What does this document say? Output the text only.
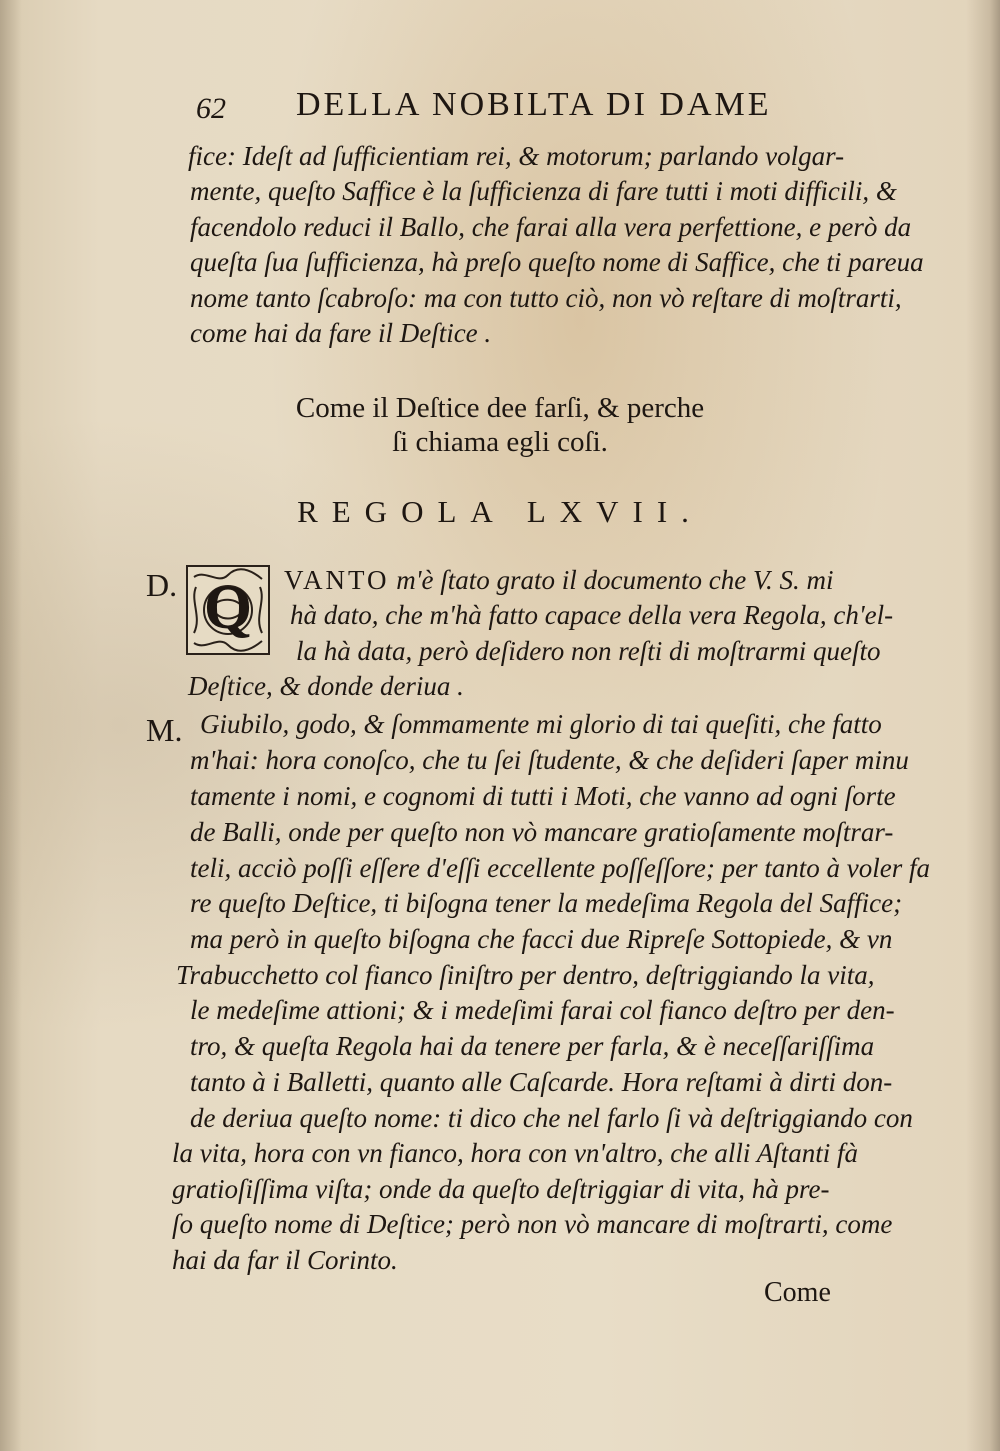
62 DELLA NOBILTA DI DAME
fice: Ideſt ad ſufficientiam rei, & motorum; parlando volgar-
mente, queſto Saffice è la ſufficienza di fare tutti i moti difficili, &
facendolo reduci il Ballo, che farai alla vera perfettione, e però da
queſta ſua ſufficienza, hà preſo queſto nome di Saffice, che ti pareua
nome tanto ſcabroſo: ma con tutto ciò, non vò reſtare di moſtrarti,
come hai da fare il Deſtice .
Come il Deſtice dee farſi, & perche
ſi chiama egli coſi.
REGOLA LXVII.
D. Q	VANTO m'è ſtato grato il documento che V. S. mi
hà dato, che m'hà fatto capace della vera Regola, ch'el-
la hà data, però deſidero non reſti di moſtrarmi queſto
Deſtice, & donde deriua .
M. Giubilo, godo, & ſommamente mi glorio di tai queſiti, che fatto
m'hai: hora conoſco, che tu ſei ſtudente, & che deſideri ſaper minu
tamente i nomi, e cognomi di tutti i Moti, che vanno ad ogni ſorte
de Balli, onde per queſto non vò mancare gratioſamente moſtrar-
teli, acciò poſſi eſſere d'eſſi eccellente poſſeſſore; per tanto à voler fa
re queſto Deſtice, ti biſogna tener la medeſima Regola del Saffice;
ma però in queſto biſogna che facci due Ripreſe Sottopiede, & vn
Trabucchetto col fianco ſiniſtro per dentro, deſtriggiando la vita,
le medeſime attioni; & i medeſimi farai col fianco deſtro per den-
tro, & queſta Regola hai da tenere per farla, & è neceſſariſſima
tanto à i Balletti, quanto alle Caſcarde. Hora reſtami à dirti don-
de deriua queſto nome: ti dico che nel farlo ſi và deſtriggiando con
la vita, hora con vn fianco, hora con vn'altro, che alli Aſtanti fà
gratioſiſſima viſta; onde da queſto deſtriggiar di vita, hà pre-
ſo queſto nome di Deſtice; però non vò mancare di moſtrarti, come
hai da far il Corinto.
Come
